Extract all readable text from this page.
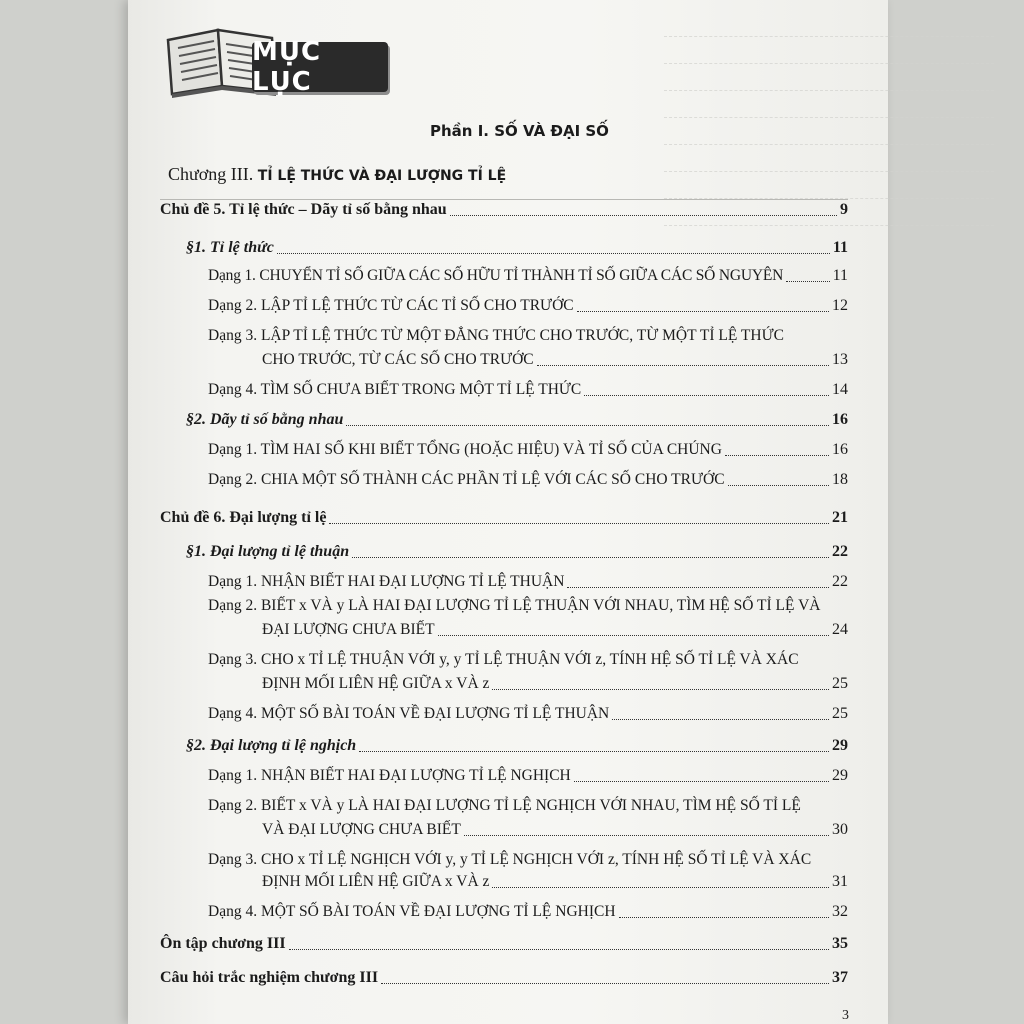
MỤC LỤC
Phần I. SỐ VÀ ĐẠI SỐ
Chương III. TỈ LỆ THỨC VÀ ĐẠI LƯỢNG TỈ LỆ
Chủ đề 5. Tỉ lệ thức – Dãy tỉ số bằng nhau	9
§1. Tỉ lệ thức	11
Dạng 1. CHUYỂN TỈ SỐ GIỮA CÁC SỐ HỮU TỈ THÀNH TỈ SỐ GIỮA CÁC SỐ NGUYÊN	11
Dạng 2. LẬP TỈ LỆ THỨC TỪ CÁC TỈ SỐ CHO TRƯỚC	12
Dạng 3. LẬP TỈ LỆ THỨC TỪ MỘT ĐẲNG THỨC CHO TRƯỚC, TỪ MỘT TỈ LỆ THỨC
CHO TRƯỚC, TỪ CÁC SỐ CHO TRƯỚC	13
Dạng 4. TÌM SỐ CHƯA BIẾT TRONG MỘT TỈ LỆ THỨC	14
§2. Dãy tỉ số bằng nhau	16
Dạng 1. TÌM HAI SỐ KHI BIẾT TỔNG (HOẶC HIỆU) VÀ TỈ SỐ CỦA CHÚNG	16
Dạng 2. CHIA MỘT SỐ THÀNH CÁC PHẦN TỈ LỆ VỚI CÁC SỐ CHO TRƯỚC	18
Chủ đề 6. Đại lượng tỉ lệ	21
§1. Đại lượng tỉ lệ thuận	22
Dạng 1. NHẬN BIẾT HAI ĐẠI LƯỢNG TỈ LỆ THUẬN	22
Dạng 2. BIẾT x VÀ y LÀ HAI ĐẠI LƯỢNG TỈ LỆ THUẬN VỚI NHAU, TÌM HỆ SỐ TỈ LỆ VÀ
ĐẠI LƯỢNG CHƯA BIẾT	24
Dạng 3. CHO x TỈ LỆ THUẬN VỚI y, y TỈ LỆ THUẬN VỚI z, TÍNH HỆ SỐ TỈ LỆ VÀ XÁC
ĐỊNH MỐI LIÊN HỆ GIỮA x VÀ z	25
Dạng 4. MỘT SỐ BÀI TOÁN VỀ ĐẠI LƯỢNG TỈ LỆ THUẬN	25
§2. Đại lượng tỉ lệ nghịch	29
Dạng 1. NHẬN BIẾT HAI ĐẠI LƯỢNG TỈ LỆ NGHỊCH	29
Dạng 2. BIẾT x VÀ y LÀ HAI ĐẠI LƯỢNG TỈ LỆ NGHỊCH VỚI NHAU, TÌM HỆ SỐ TỈ LỆ
VÀ ĐẠI LƯỢNG CHƯA BIẾT	30
Dạng 3. CHO x TỈ LỆ NGHỊCH VỚI y, y TỈ LỆ NGHỊCH VỚI z, TÍNH HỆ SỐ TỈ LỆ VÀ XÁC
ĐỊNH MỐI LIÊN HỆ GIỮA x VÀ z	31
Dạng 4. MỘT SỐ BÀI TOÁN VỀ ĐẠI LƯỢNG TỈ LỆ NGHỊCH	32
Ôn tập chương III	35
Câu hỏi trắc nghiệm chương III	37
3
